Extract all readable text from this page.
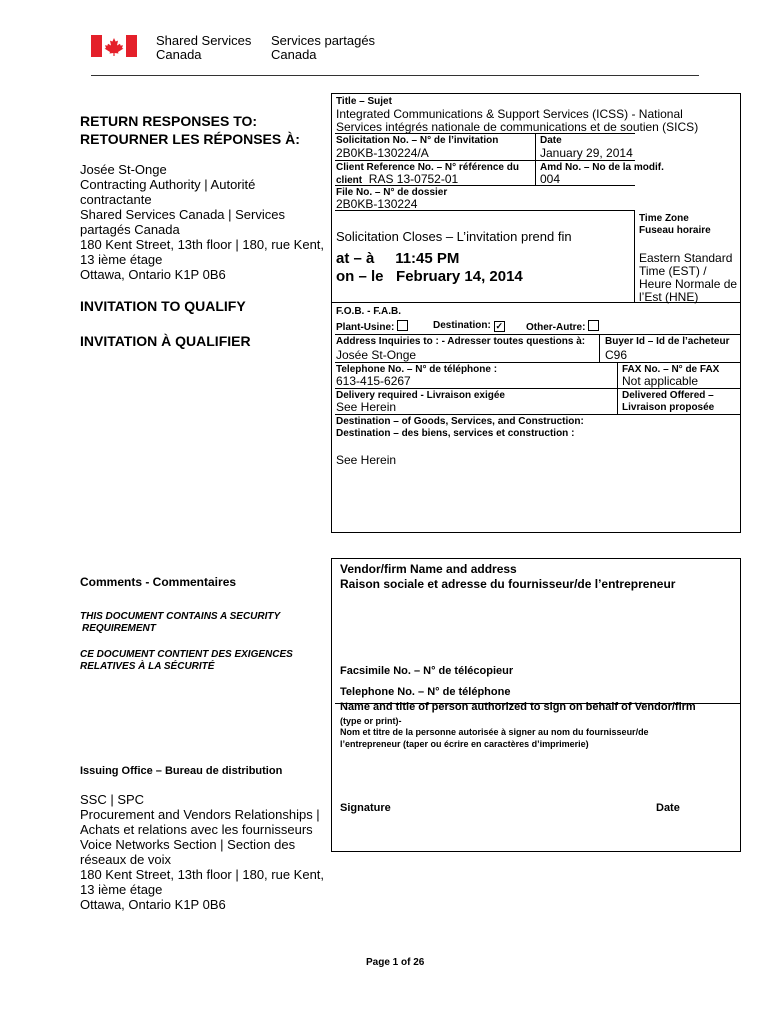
Shared Services
Canada
Services partagés
Canada
RETURN RESPONSES TO:
RETOURNER LES RÉPONSES À:
Josée St-Onge
Contracting Authority | Autorité
contractante
Shared Services Canada | Services
partagés Canada
180 Kent Street, 13th floor | 180, rue Kent,
13 ième étage
Ottawa, Ontario K1P 0B6
INVITATION TO QUALIFY
INVITATION À QUALIFIER
Comments - Commentaires
THIS DOCUMENT CONTAINS A SECURITY
REQUIREMENT
CE DOCUMENT CONTIENT DES EXIGENCES
RELATIVES À LA SÉCURITÉ
Issuing Office – Bureau de distribution
SSC | SPC
Procurement and Vendors Relationships |
Achats et relations avec les fournisseurs
Voice Networks Section | Section des
réseaux de voix
180 Kent Street, 13th floor | 180, rue Kent,
13 ième étage
Ottawa, Ontario K1P 0B6
Title – Sujet
Integrated Communications & Support Services (ICSS) - National
Services intégrés nationale de communications et de soutien (SICS)
Solicitation No. – N° de l’invitation
2B0KB-130224/A
Date
January 29, 2014
Client Reference No. – N° référence du
client RAS 13-0752-01
Amd No. – No de la modif.
004
File No. – N° de dossier
2B0KB-130224
Time Zone
Fuseau horaire
Solicitation Closes – L’invitation prend fin
at – à 11:45 PM
on – le February 14, 2014
Eastern Standard
Time (EST) /
Heure Normale de
l’Est (HNE)
F.O.B. - F.A.B.
Plant-Usine:	Destination: ✓ Other-Autre:
Address Inquiries to : - Adresser toutes questions à:
Josée St-Onge
Buyer Id – Id de l’acheteur
C96
Telephone No. – N° de téléphone :
613-415-6267
FAX No. – N° de FAX
Not applicable
Delivery required - Livraison exigée
See Herein
Delivered Offered –
Livraison proposée
Destination – of Goods, Services, and Construction:
Destination – des biens, services et construction :
See Herein
Vendor/firm Name and address
Raison sociale et adresse du fournisseur/de l’entrepreneur
Facsimile No. – N° de télécopieur
Telephone No. – N° de téléphone
Name and title of person authorized to sign on behalf of Vendor/firm
(type or print)-
Nom et titre de la personne autorisée à signer au nom du fournisseur/de
l’entrepreneur (taper ou écrire en caractères d’imprimerie)
Signature	Date
Page 1 of 26
